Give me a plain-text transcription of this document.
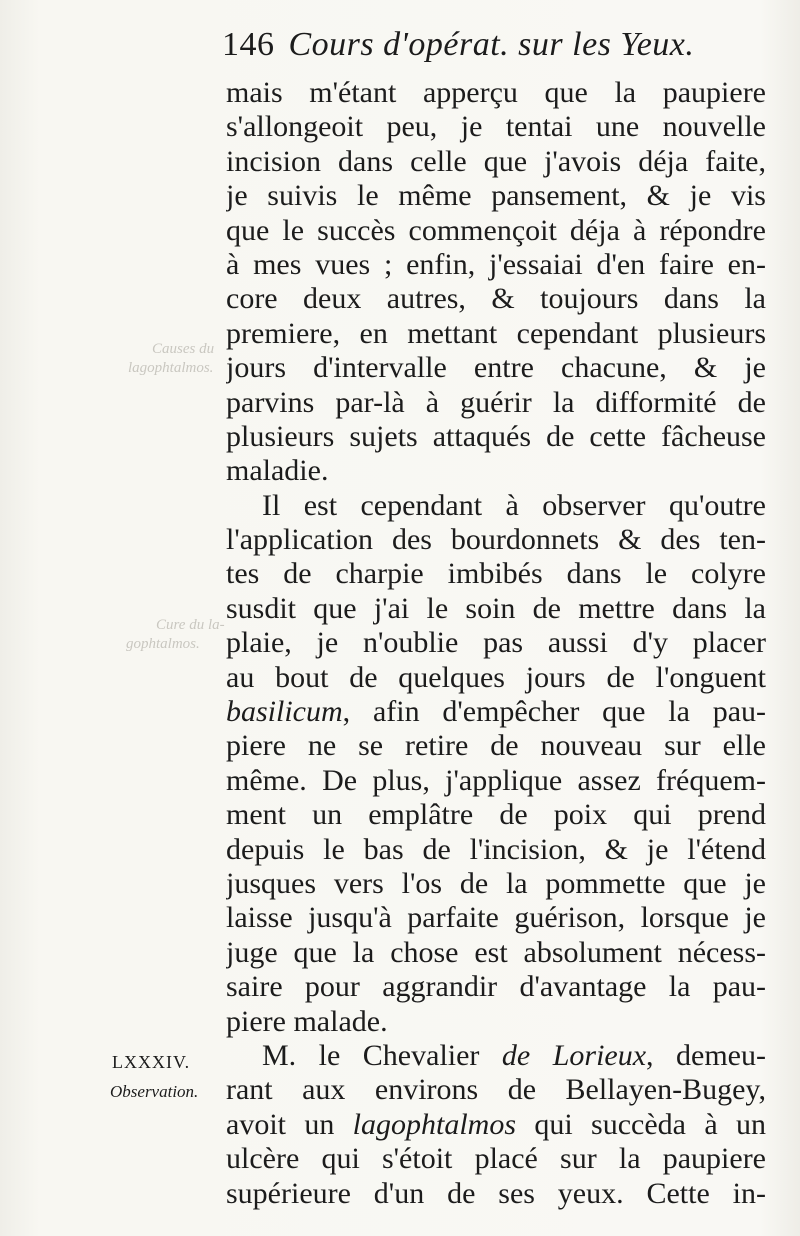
Causes du
lagophtalmos.
Cure du la-
gophtalmos.
146 Cours d'opérat. sur les Yeux.
mais m'étant apperçu que la paupiere
s'allongeoit peu, je tentai une nouvelle
incision dans celle que j'avois déja faite,
je suivis le même pansement, & je vis
que le succès commençoit déja à répondre
à mes vues ; enfin, j'essaiai d'en faire en-
core deux autres, & toujours dans la
premiere, en mettant cependant plusieurs
jours d'intervalle entre chacune, & je
parvins par-là à guérir la difformité de
plusieurs sujets attaqués de cette fâcheuse
maladie.
Il est cependant à observer qu'outre
l'application des bourdonnets & des ten-
tes de charpie imbibés dans le colyre
susdit que j'ai le soin de mettre dans la
plaie, je n'oublie pas aussi d'y placer
au bout de quelques jours de l'onguent
basilicum, afin d'empêcher que la pau-
piere ne se retire de nouveau sur elle
même. De plus, j'applique assez fréquem-
ment un emplâtre de poix qui prend
depuis le bas de l'incision, & je l'étend
jusques vers l'os de la pommette que je
laisse jusqu'à parfaite guérison, lorsque je
juge que la chose est absolument nécess-
saire pour aggrandir d'avantage la pau-
piere malade.
M. le Chevalier de Lorieux, demeu-
rant aux environs de Bellayen-Bugey,
avoit un lagophtalmos qui succèda à un
ulcère qui s'étoit placé sur la paupiere
supérieure d'un de ses yeux. Cette in-
LXXXIV.
Observation.
